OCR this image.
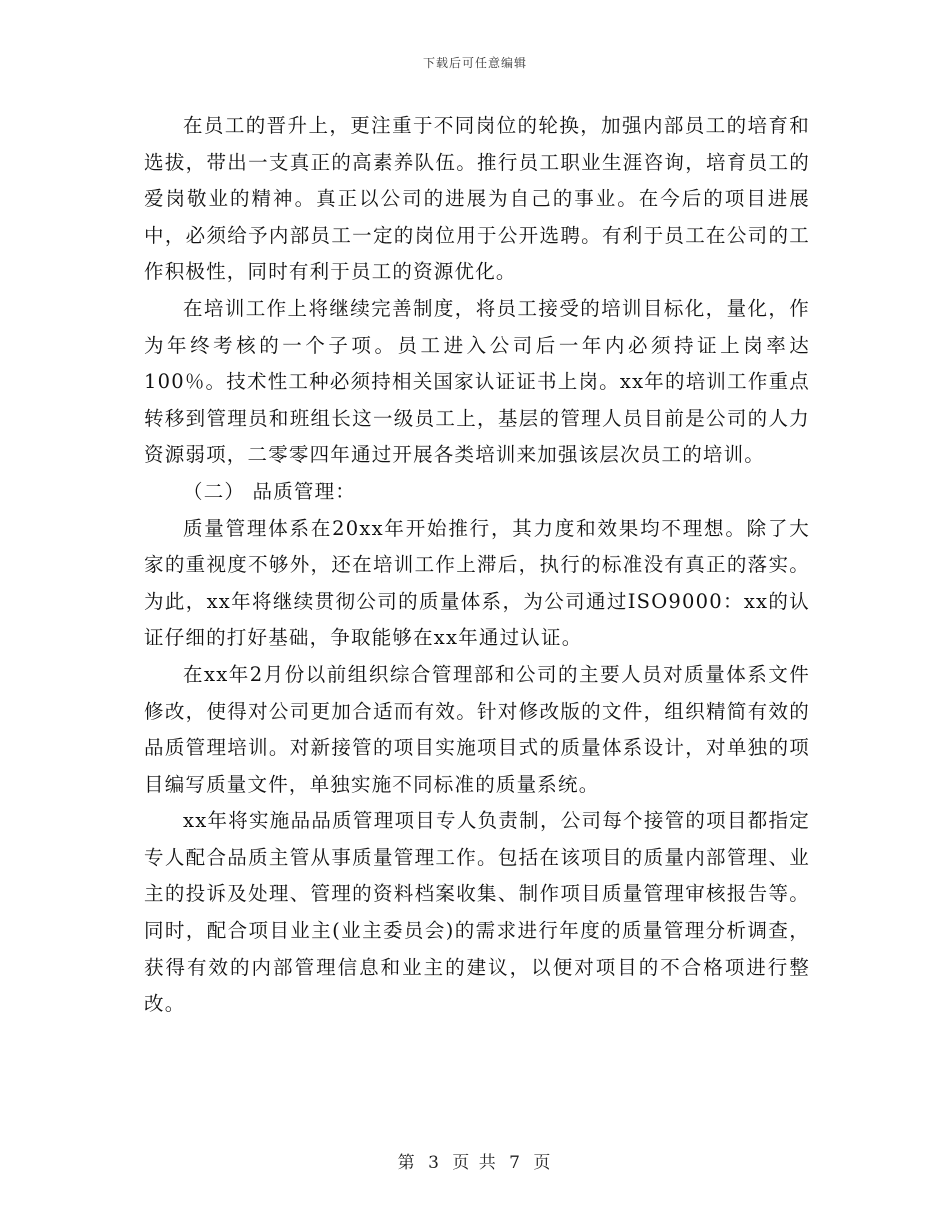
下载后可任意编辑

在员工的晋升上，更注重于不同岗位的轮换，加强内部员工的培育和选拔，带出一支真正的高素养队伍。推行员工职业生涯咨询，培育员工的爱岗敬业的精神。真正以公司的进展为自己的事业。在今后的项目进展中，必须给予内部员工一定的岗位用于公开选聘。有利于员工在公司的工作积极性，同时有利于员工的资源优化。

在培训工作上将继续完善制度，将员工接受的培训目标化，量化，作为年终考核的一个子项。员工进入公司后一年内必须持证上岗率达100％。技术性工种必须持相关国家认证证书上岗。xx年的培训工作重点转移到管理员和班组长这一级员工上，基层的管理人员目前是公司的人力资源弱项，二零零四年通过开展各类培训来加强该层次员工的培训。

（二） 品质管理：

质量管理体系在20xx年开始推行，其力度和效果均不理想。除了大家的重视度不够外，还在培训工作上滞后，执行的标准没有真正的落实。为此，xx年将继续贯彻公司的质量体系，为公司通过ISO9000：xx的认证仔细的打好基础，争取能够在xx年通过认证。

在xx年2月份以前组织综合管理部和公司的主要人员对质量体系文件修改，使得对公司更加合适而有效。针对修改版的文件，组织精简有效的品质管理培训。对新接管的项目实施项目式的质量体系设计，对单独的项目编写质量文件，单独实施不同标准的质量系统。

xx年将实施品品质管理项目专人负责制，公司每个接管的项目都指定专人配合品质主管从事质量管理工作。包括在该项目的质量内部管理、业主的投诉及处理、管理的资料档案收集、制作项目质量管理审核报告等。同时，配合项目业主(业主委员会)的需求进行年度的质量管理分析调查，获得有效的内部管理信息和业主的建议，以便对项目的不合格项进行整改。

第 3 页 共 7 页
